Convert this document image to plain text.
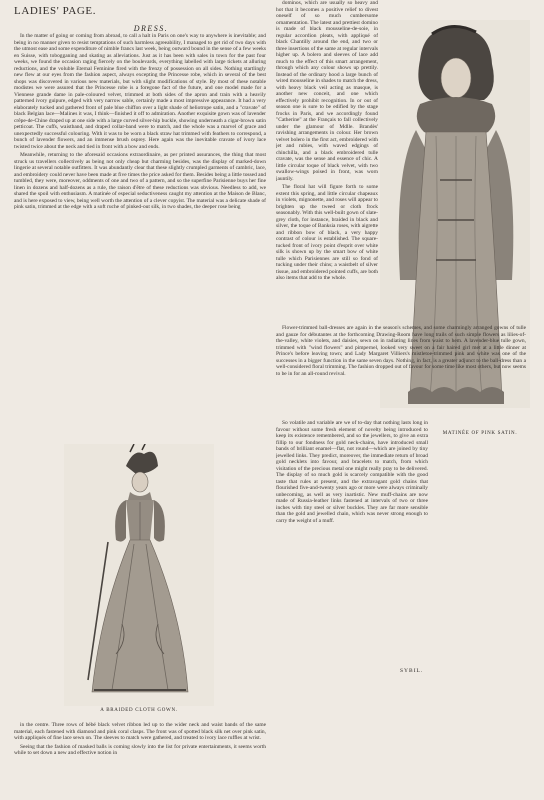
LADIES' PAGE.
DRESS.

In the matter of going or coming from abroad, to call a halt in Paris on one's way to anywhere is inevitable; and being in no manner given to resist temptations of such harmless agreeability, I managed to get rid of two days with the utmost ease and some expenditure of nimble francs last week, being outward bound in the sense of a few weeks en Suisse, with tobogganing and skating as alleviations. Just as it has been with sales in town for the past four weeks, we found the occasion raging fiercely on the boulevards, everything labelled with large tickets at alluring reductions, and the voluble Eternal Feminine fired with the frenzy of possession on all sides. Nothing startlingly new flew at our eyes from the fashion aspect, always excepting the Princesse robe, which in several of the best shops was discovered in various new materials, but with slight modifications of style. By most of these notable modistes we were assured that the Princesse robe is a foregone fact of the future, and one model made for a Viennese grande dame in pale-coloured velvet, trimmed at both sides of the apron and train with a heavily patterned ivory guipure, edged with very narrow sable, certainly made a most impressive appearance. It had a very elaborately tucked and gathered front of pale blue chiffon over a light shade of heliotrope satin, and a "cravate" of black Belgian lace—Malines it was, I think—finished it off to admiration. Another exquisite gown was of lavender crêpe-de-Chine draped up at one side with a large curved silver-hip buckle, showing underneath a cigar-brown satin petticoat. The cuffs, waistband, and draped collar-band were to match, and the whole was a marvel of grace and unexpectedly successful colouring. With it was to be worn a black straw hat trimmed with feathers to correspond, a bunch of lavender flowers, and an immense brush osprey. Here again was the inevitable cravate of ivory lace twisted twice about the neck and tied in front with a bow and ends.

Meanwhile, returning to the aforesaid occasions extraordinaire, as per printed assurances, the thing that most struck us travellers collectively as being not only cheap but charming besides, was the display of marked-down lingerie at several notable outfitters. It was abundantly clear that these slightly crumpled garments of cambric, lace, and embroidery could never have been made at five times the price asked for them. Besides being a little tossed and tumbled, they were, moreover, oddments of one and two of a pattern, and so the superfine Parisienne buys her fine linen in dozens and half-dozens as a rule, the raison d'être of these reductions was obvious. Needless to add, we shared the spoil with enthusiasm. A matinée of especial seductiveness caught my attention at the Maison de Blanc, and is here exposed to view, being well worth the attention of a clever copyist. The material was a delicate shade of pink satin, trimmed at the edge with a soft ruche of pinked-out silk, in two shades, the deeper rose being

A BRAIDED CLOTH GOWN.

in the centre. Three rows of bébé black velvet ribbon led up to the wider neck and waist bands of the same material, each fastened with diamond and pink coral clasps. The front was of spotted black silk net over pink satin, with appliqués of fine lace sewn on. The sleeves to match were gathered, and treated to ivory lace ruffles at wrist.

Seeing that the fashion of masked balls is coming slowly into the list for private entertainments, it seems worth while to set down a new and effective notion in

dominos, which are usually so heavy and hot that it becomes a positive relief to divest oneself of so much cumbersome ornamentation. The latest and prettiest domino is made of black mousseline-de-soie, in regular accordion pleats, with appliqué of black Chantilly around the end, and two or three insertions of the same at regular intervals higher up. A bolero and sleeves of lace add much to the effect of this smart arrangement, through which any colour shows up prettily. Instead of the ordinary hood a large bunch of wired mousseline in shades to match the dress, with heavy black veil acting as masque, is another new conceit, and one which effectively prohibit recognition. In or out of season one is sure to be edified by the stage frocks in Paris, and we accordingly found "Catherine" at the Français to fall collectively under the glamour of Mdlle. Brandès' ravishing arrangements in colour. Her brown velvet bolero in the first act, embroidered with jet and rubies, with waved edgings of chinchilla, and a black embroidered tulle cravate, was the sense and essence of chic. A little circular toque of black velvet, with two swallow-wings poised in front, was worn jauntily.

The floral hat will figure forth to some extent this spring, and little circular chapeaux in violets, mignonette, and roses will appear to brighten up the tweed or cloth frock seasonably. With this well-built gown of slate-grey cloth, for instance, braided in black and silver, the toque of Banksia roses, with aigrette and ribbon bow of black, a very happy contrast of colour is established. The square-tucked front of ivory point d'esprit over white silk is shown up by the smart bow of white tulle which Parisiennes are still so fond of tucking under their chins; a waistbelt of silver tissue, and embroidered pointed cuffs, are both also items that add to the whole.

Flower-trimmed ball-dresses are again in the season's schemes, and some charmingly arranged gowns of tulle and gauze for débutantes at the forthcoming Drawing-Room have long trails of such simple flowers as lilies-of-the-valley, white violets, and daisies, sewn on in radiating lines from waist to hem. A lavender-blue tulle gown, trimmed with "wind flowers" and pimpernel, looked very sweet on a fair haired girl met at a little dinner at Prince's before leaving town; and Lady Margaret Villiers's mistletoe-trimmed pink and white was one of the successes in a bigger function in the same seven days. Nothing, in fact, is a greater adjunct to the ball-dress than a well-considered floral trimming. The fashion dropped out of favour for some time like most others, but now seems to be in for an all-round revival.

So volatile and variable are we of to-day that nothing lasts long in favour without some fresh element of novelty being introduced to keep its existence remembered, and so the jewellers, to give an extra fillip to our fondness for gold neck-chains, have introduced small bands of brilliant enamel—flat, not round—which are joined by tiny jewelled links. They predict, moreover, the immediate return of broad gold necklets into favour, and bracelets to match, from which visitation of the precious metal one might really pray to be delivered. The display of so much gold is scarcely compatible with the good taste that rules at present, and the extravagant gold chains that flourished five-and-twenty years ago or more were always criminally unbecoming, as well as very inartistic. New muff-chains are now made of Russia-leather links fastened at intervals of two or three inches with tiny steel or silver buckles. They are far more sensible than the gold and jewelled chain, which was never strong enough to carry the weight of a muff.

SYBIL.
MATINÉE OF PINK SATIN.
